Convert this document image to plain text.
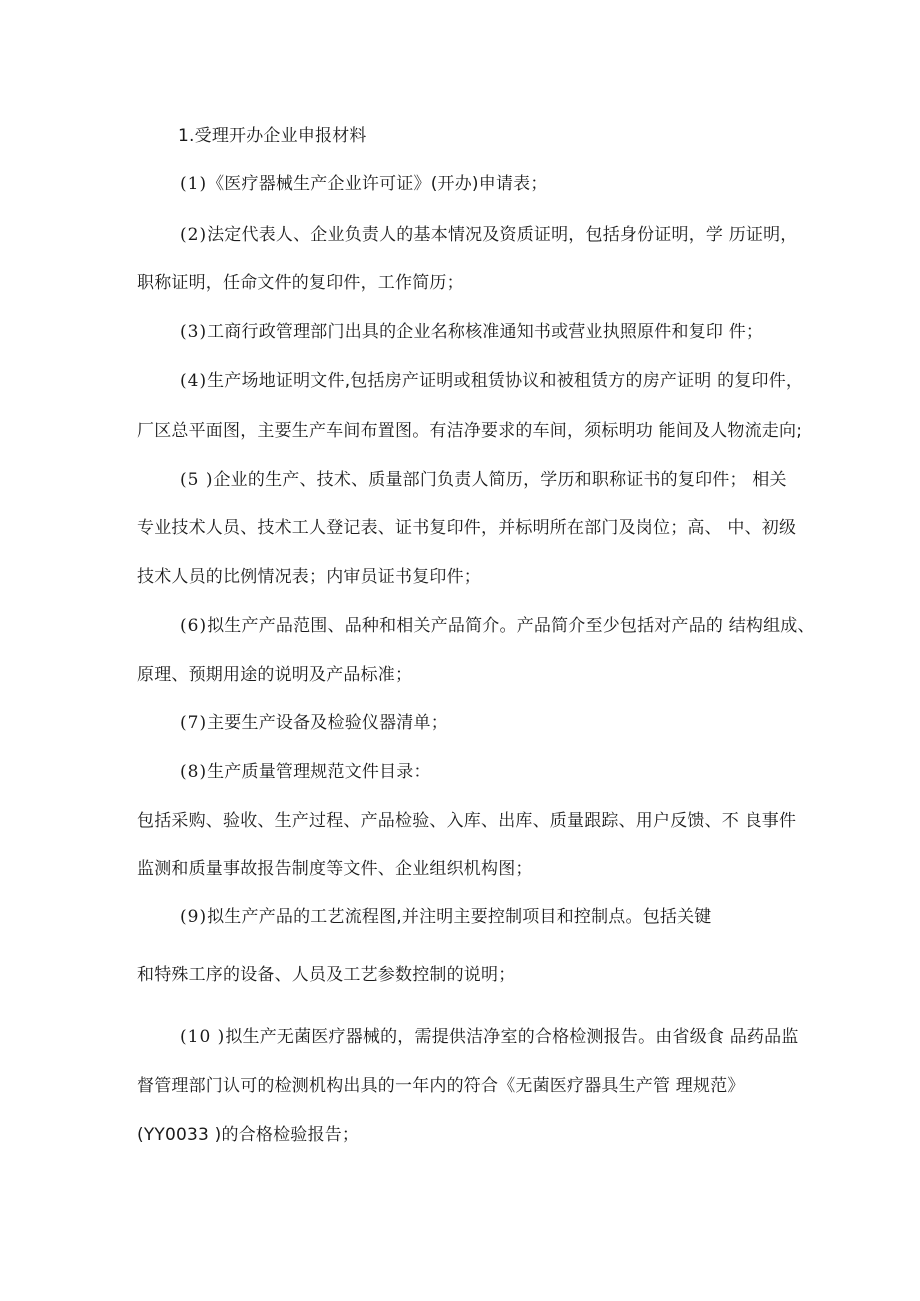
1.受理开办企业申报材料
(1)《医疗器械生产企业许可证》(开办)申请表；
(2)法定代表人、企业负责人的基本情况及资质证明，包括身份证明，学 历证明，
职称证明，任命文件的复印件，工作简历；
(3)工商行政管理部门出具的企业名称核准通知书或营业执照原件和复印 件；
(4)生产场地证明文件,包括房产证明或租赁协议和被租赁方的房产证明 的复印件，
厂区总平面图，主要生产车间布置图。有洁净要求的车间，须标明功 能间及人物流走向;
(5 )企业的生产、技术、质量部门负责人简历，学历和职称证书的复印件； 相关
专业技术人员、技术工人登记表、证书复印件，并标明所在部门及岗位；高、 中、初级
技术人员的比例情况表；内审员证书复印件；
(6)拟生产产品范围、品种和相关产品简介。产品简介至少包括对产品的 结构组成、
原理、预期用途的说明及产品标准；
(7)主要生产设备及检验仪器清单；
(8)生产质量管理规范文件目录：
包括采购、验收、生产过程、产品检验、入库、出库、质量跟踪、用户反馈、不 良事件
监测和质量事故报告制度等文件、企业组织机构图；
(9)拟生产产品的工艺流程图,并注明主要控制项目和控制点。包括关键
和特殊工序的设备、人员及工艺参数控制的说明；
(10 )拟生产无菌医疗器械的，需提供洁净室的合格检测报告。由省级食 品药品监
督管理部门认可的检测机构出具的一年内的符合《无菌医疗器具生产管 理规范》
(YY0033 )的合格检验报告；
